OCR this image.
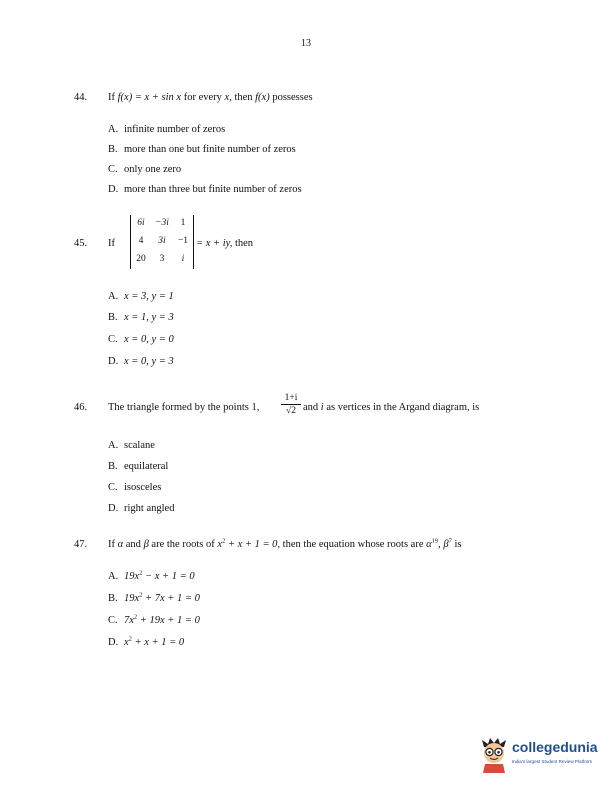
13
44. If f(x) = x + sin x for every x, then f(x) possesses
A. infinite number of zeros
B. more than one but finite number of zeros
C. only one zero
D. more than three but finite number of zeros
45. If
6i	−3i	1
4	3i	−1
20	3	i
= x + iy, then
A. x = 3, y = 1
B. x = 1, y = 3
C. x = 0, y = 0
D. x = 0, y = 3
46. The triangle formed by the points 1, $\frac{1+i}{√2}$ and i as vertices in the Argand diagram, is
A. scalane
B. equilateral
C. isosceles
D. right angled
47. If α and β are the roots of $x^2 + x + 1 = 0$, then the equation whose roots are $\alpha^{19}$, $\beta^7$ is
A. $19x^2 - x + 1 = 0$
B. $19x^2 + 7x + 1 = 0$
C. $7x^2 + 19x + 1 = 0$
D. $x^2 + x + 1 = 0$
collegedunia
India's largest Student Review Platform
